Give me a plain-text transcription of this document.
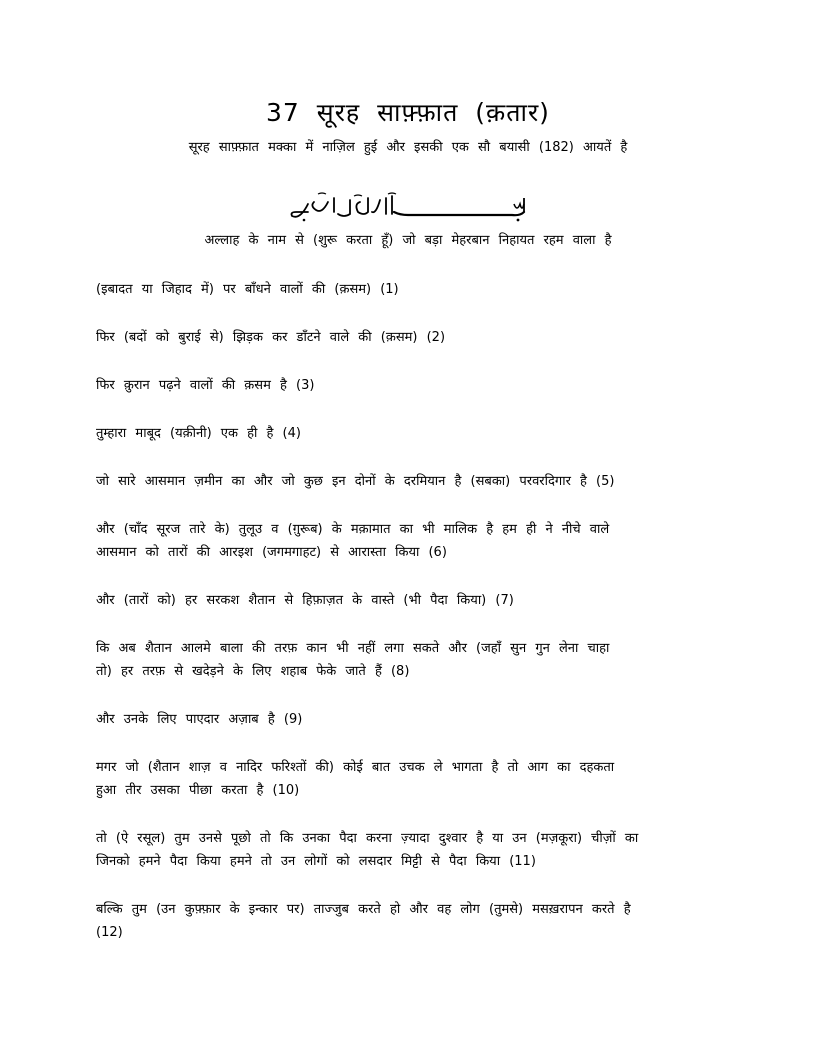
37 सूरह साफ़्फ़ात (क़तार)
सूरह साफ़्फ़ात मक्का में नाज़िल हुई और इसकी एक सौ बयासी (182) आयतें है
अल्लाह के नाम से (शुरू करता हूँ) जो बड़ा मेहरबान निहायत रहम वाला है

(इबादत या जिहाद में) पर बाँधने वालों की (क़सम) (1)

फिर (बदों को बुराई से) झिड़क कर डाँटने वाले की (क़सम) (2)

फिर क़ुरान पढ़ने वालों की क़सम है (3)

तुम्हारा माबूद (यक़ीनी) एक ही है (4)

जो सारे आसमान ज़मीन का और जो कुछ इन दोनों के दरमियान है (सबका) परवरदिगार है (5)

और (चाँद सूरज तारे के) तुलूउ व (ग़ुरूब) के मक़ामात का भी मालिक है हम ही ने नीचे वाले
आसमान को तारों की आरइश (जगमगाहट) से आरास्ता किया (6)

और (तारों को) हर सरकश शैतान से हिफ़ाज़त के वास्ते (भी पैदा किया) (7)

कि अब शैतान आलमे बाला की तरफ़ कान भी नहीं लगा सकते और (जहाँ सुन गुन लेना चाहा
तो) हर तरफ़ से खदेड़ने के लिए शहाब फेके जाते हैं (8)

और उनके लिए पाएदार अज़ाब है (9)

मगर जो (शैतान शाज़ व नादिर फरिश्तों की) कोई बात उचक ले भागता है तो आग का दहकता
हुआ तीर उसका पीछा करता है (10)

तो (ऐ रसूल) तुम उनसे पूछो तो कि उनका पैदा करना ज़्यादा दुश्वार है या उन (मज़कूरा) चीज़ों का
जिनको हमने पैदा किया हमने तो उन लोगों को लसदार मिट्टी से पैदा किया (11)

बल्कि तुम (उन कुफ़्फ़ार के इन्कार पर) ताज्जुब करते हो और वह लोग (तुमसे) मसख़रापन करते है
(12)
